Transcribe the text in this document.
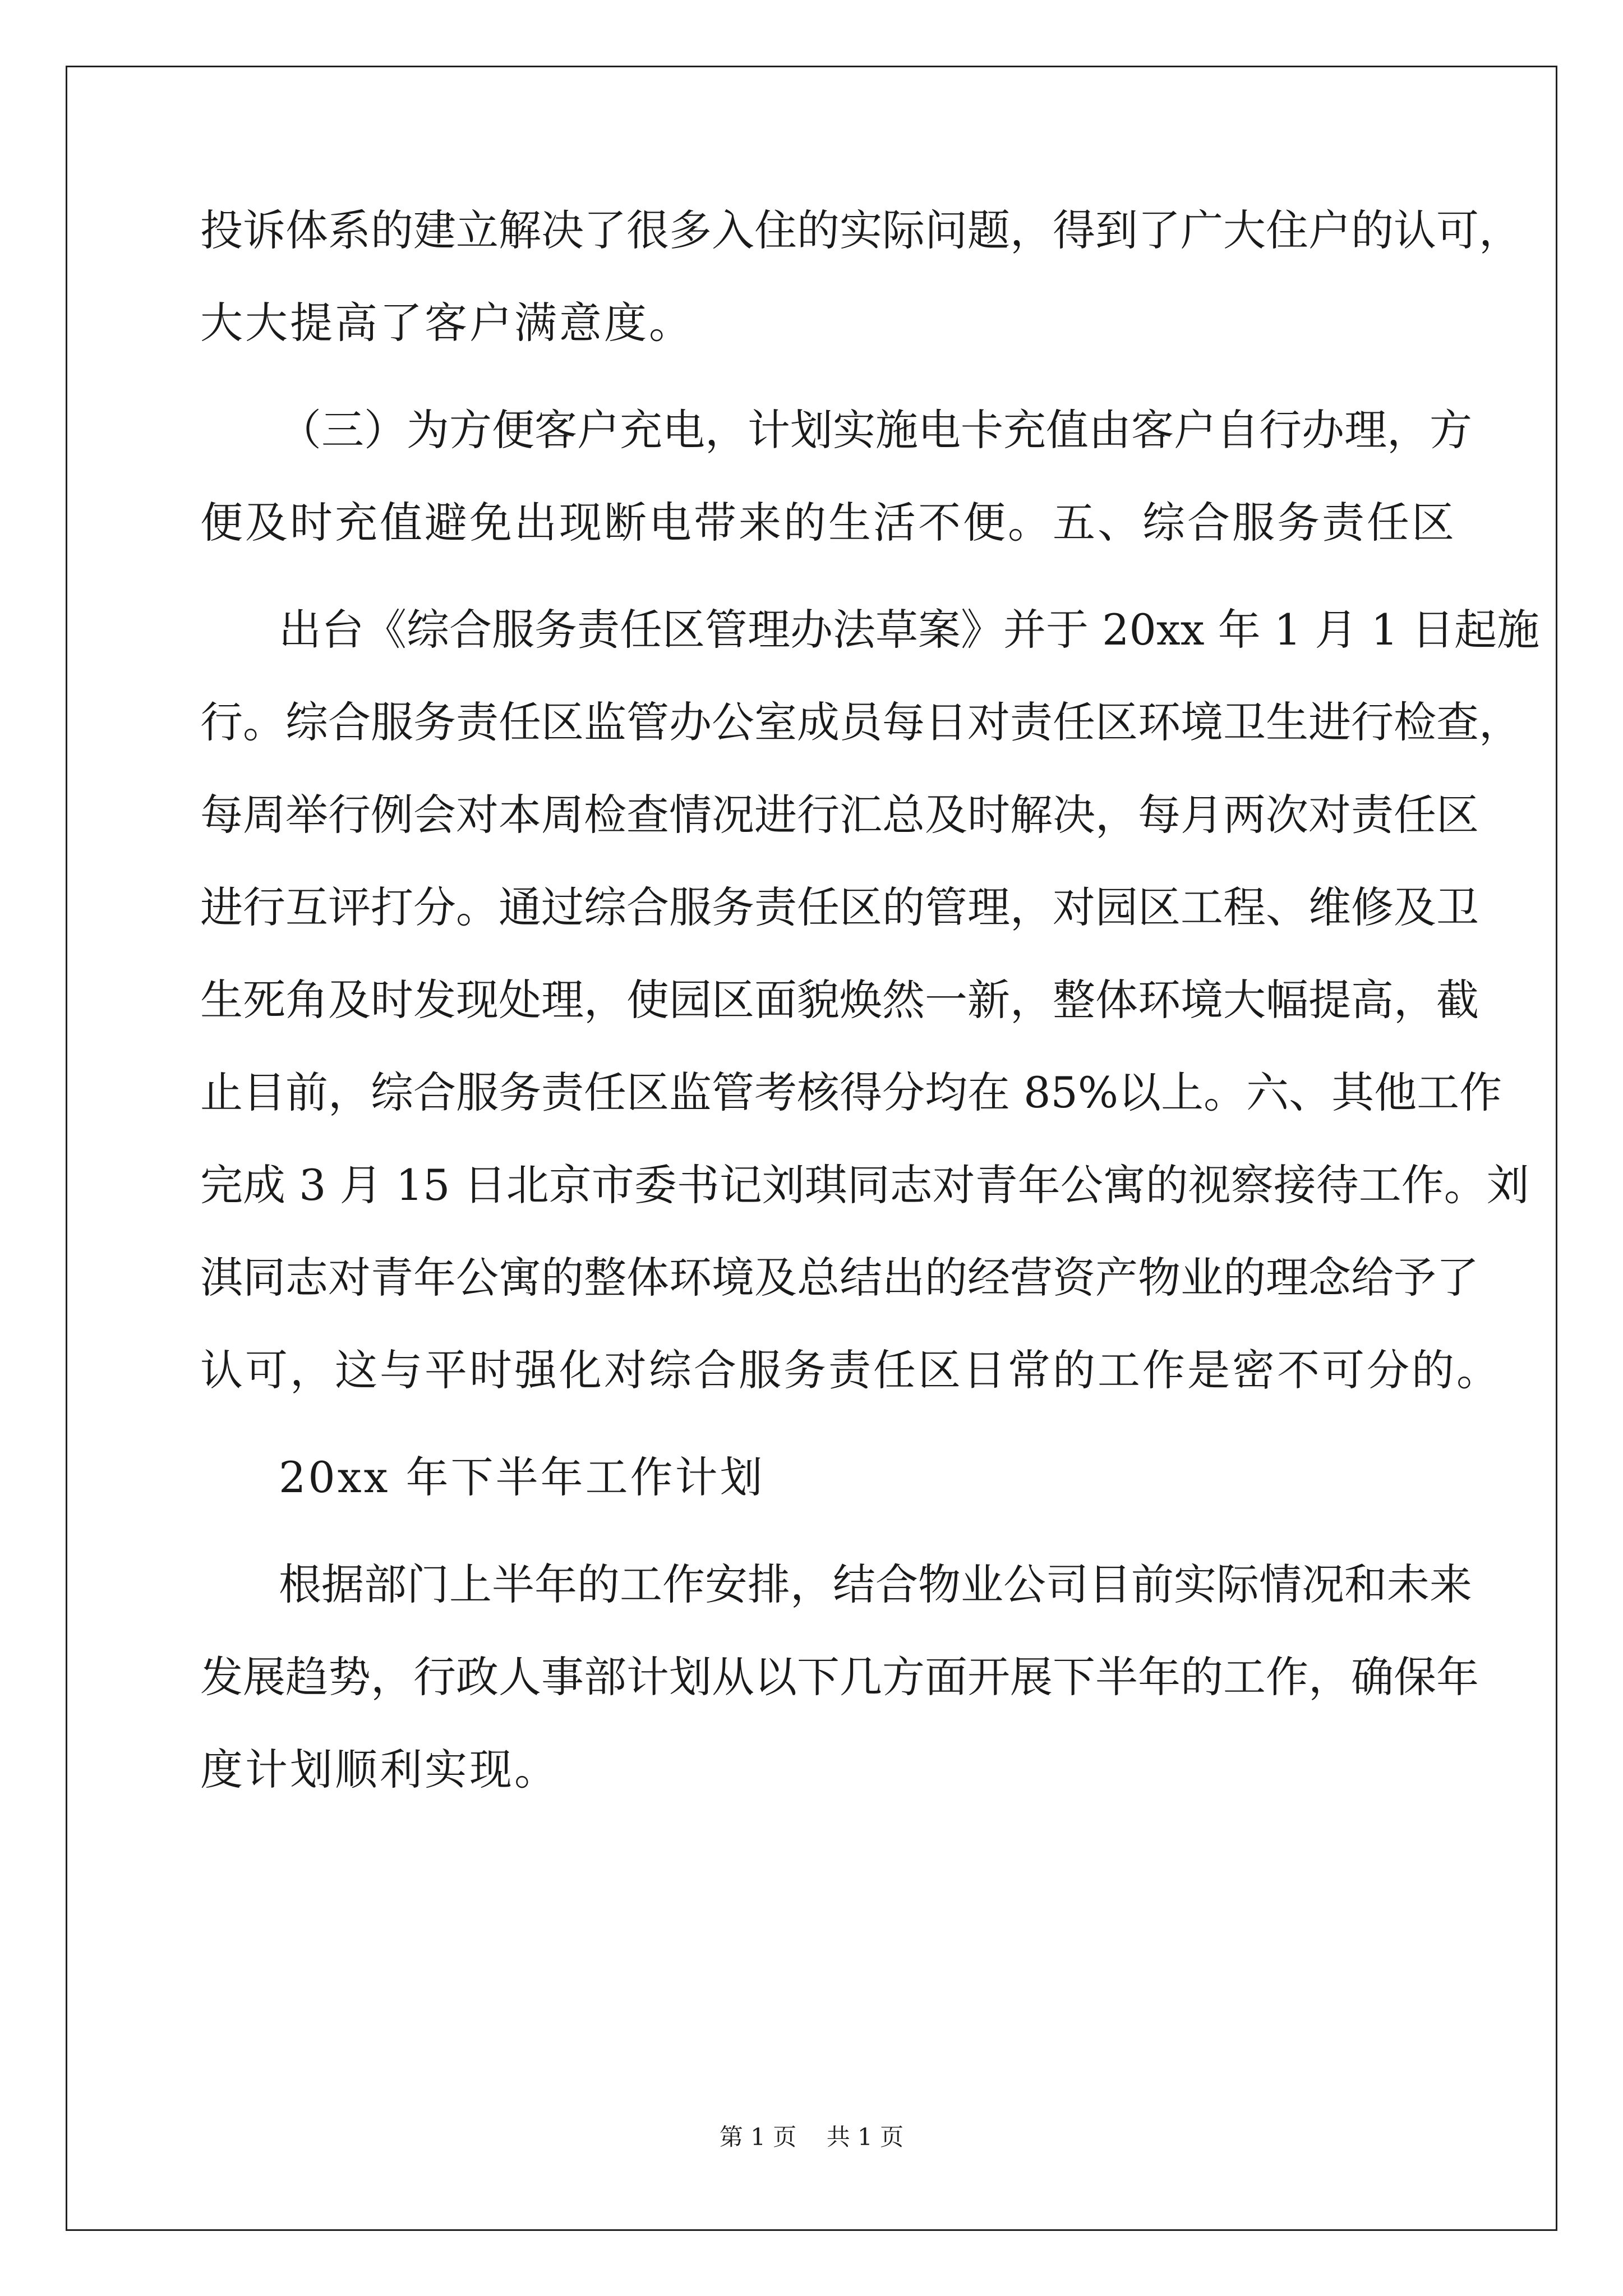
投诉体系的建立解决了很多入住的实际问题，得到了广大住户的认可，
大大提高了客户满意度。
（三）为方便客户充电，计划实施电卡充值由客户自行办理，方
便及时充值避免出现断电带来的生活不便。五、综合服务责任区
出台《综合服务责任区管理办法草案》并于 20xx 年 1 月 1 日起施
行。综合服务责任区监管办公室成员每日对责任区环境卫生进行检查，
每周举行例会对本周检查情况进行汇总及时解决，每月两次对责任区
进行互评打分。通过综合服务责任区的管理，对园区工程、维修及卫
生死角及时发现处理，使园区面貌焕然一新，整体环境大幅提高，截
止目前，综合服务责任区监管考核得分均在 85%以上。六、其他工作
完成 3 月 15 日北京市委书记刘琪同志对青年公寓的视察接待工作。刘
淇同志对青年公寓的整体环境及总结出的经营资产物业的理念给予了
认可，这与平时强化对综合服务责任区日常的工作是密不可分的。
20xx 年下半年工作计划
根据部门上半年的工作安排，结合物业公司目前实际情况和未来
发展趋势，行政人事部计划从以下几方面开展下半年的工作，确保年
度计划顺利实现。
第 1 页 共 1 页
